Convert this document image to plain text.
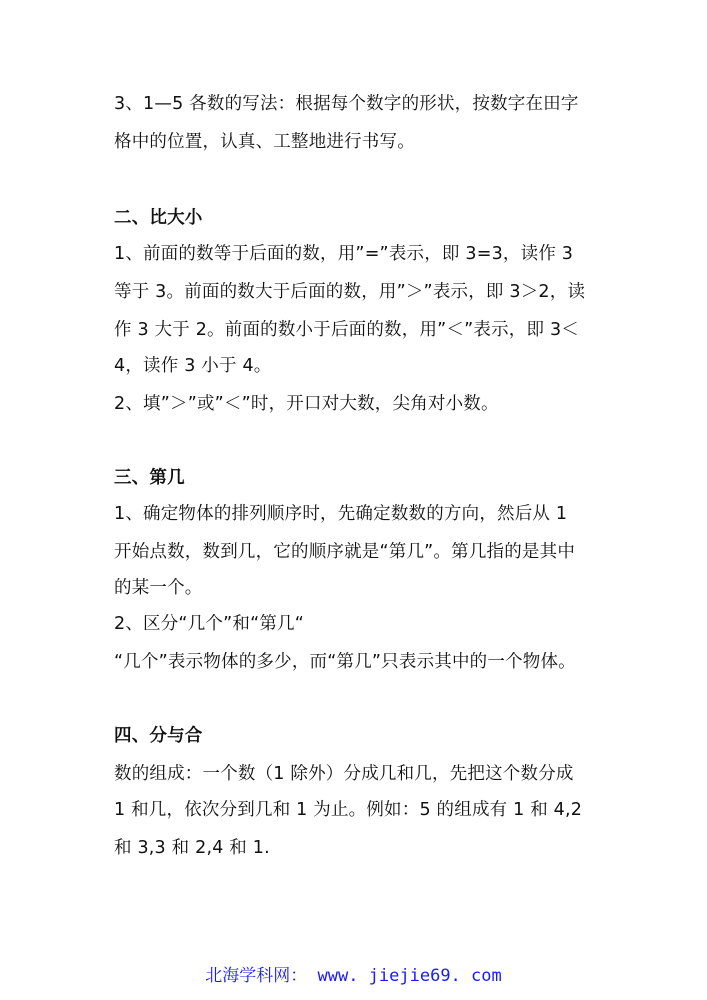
3、1—5 各数的写法：根据每个数字的形状，按数字在田字
格中的位置，认真、工整地进行书写。
二、比大小
1、前面的数等于后面的数，用”=”表示，即 3=3，读作 3
等于 3。前面的数大于后面的数，用”＞”表示，即 3＞2，读
作 3 大于 2。前面的数小于后面的数，用”＜”表示，即 3＜
4，读作 3 小于 4。
2、填”＞”或”＜”时，开口对大数，尖角对小数。
三、第几
1、确定物体的排列顺序时，先确定数数的方向，然后从 1
开始点数，数到几，它的顺序就是“第几”。第几指的是其中
的某一个。
2、区分“几个”和“第几“
“几个”表示物体的多少，而“第几”只表示其中的一个物体。
四、分与合
数的组成：一个数（1 除外）分成几和几，先把这个数分成
1 和几，依次分到几和 1 为止。例如：5 的组成有 1 和 4,2
和 3,3 和 2,4 和 1.
北海学科网： www. jiejie69. com
